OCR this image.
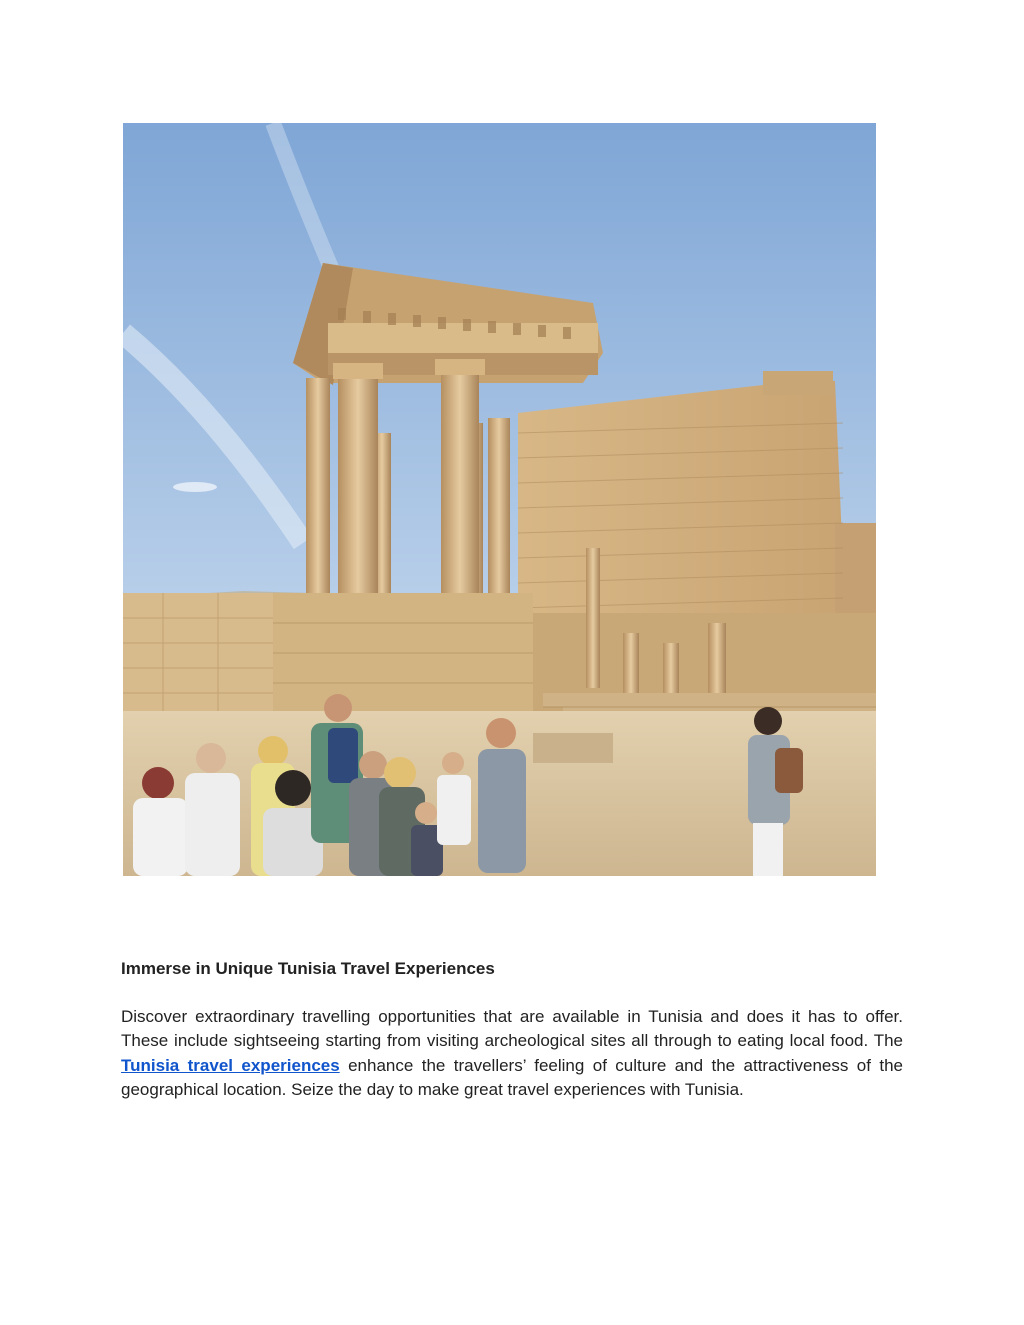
Immerse in Unique Tunisia Travel Experiences

Discover extraordinary travelling opportunities that are available in Tunisia and does it has to offer. These include sightseeing starting from visiting archeological sites all through to eating local food. The Tunisia travel experiences enhance the travellers’ feeling of culture and the attractiveness of the geographical location. Seize the day to make great travel experiences with Tunisia.
